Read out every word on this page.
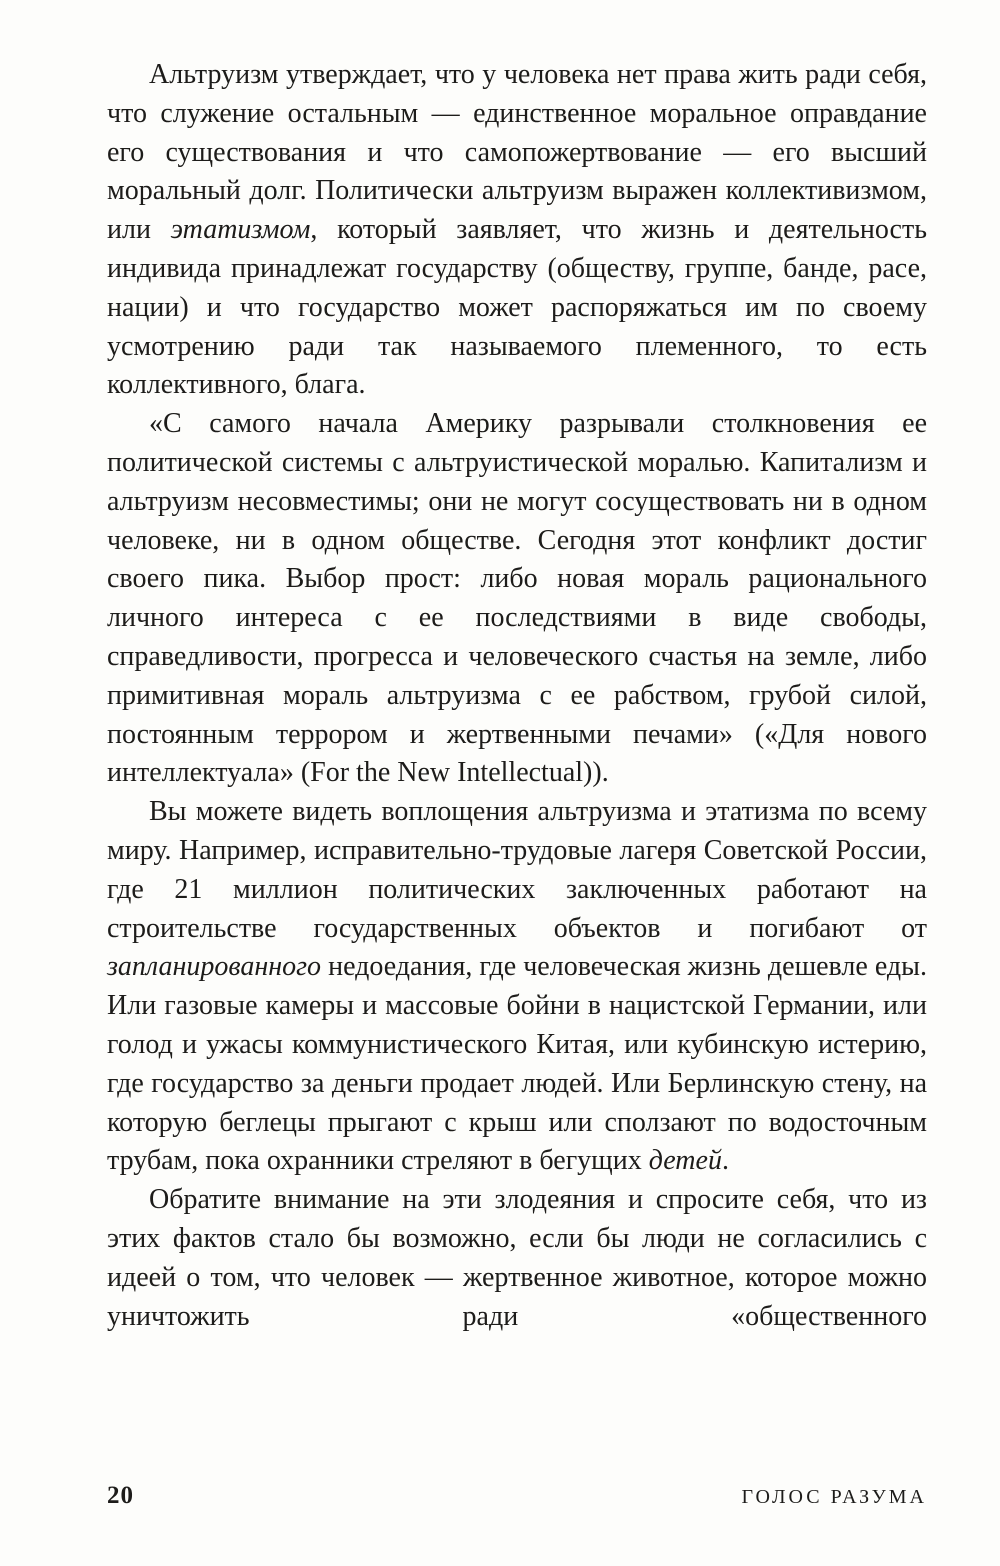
Альтруизм утверждает, что у человека нет права жить ради себя, что служение остальным — единственное моральное оправдание его существования и что самопожертвование — его высший моральный долг. Политически альтруизм выражен коллективизмом, или этатизмом, который заявляет, что жизнь и деятельность индивида принадлежат государству (обществу, группе, банде, расе, нации) и что государство может распоряжаться им по своему усмотрению ради так называемого племенного, то есть коллективного, блага.

«С самого начала Америку разрывали столкновения ее политической системы с альтруистической моралью. Капитализм и альтруизм несовместимы; они не могут сосуществовать ни в одном человеке, ни в одном обществе. Сегодня этот конфликт достиг своего пика. Выбор прост: либо новая мораль рационального личного интереса с ее последствиями в виде свободы, справедливости, прогресса и человеческого счастья на земле, либо примитивная мораль альтруизма с ее рабством, грубой силой, постоянным террором и жертвенными печами» («Для нового интеллектуала» (For the New Intellectual)).

Вы можете видеть воплощения альтруизма и этатизма по всему миру. Например, исправительно-трудовые лагеря Советской России, где 21 миллион политических заключенных работают на строительстве государственных объектов и погибают от запланированного недоедания, где человеческая жизнь дешевле еды. Или газовые камеры и массовые бойни в нацистской Германии, или голод и ужасы коммунистического Китая, или кубинскую истерию, где государство за деньги продает людей. Или Берлинскую стену, на которую беглецы прыгают с крыш или сползают по водосточным трубам, пока охранники стреляют в бегущих детей.

Обратите внимание на эти злодеяния и спросите себя, что из этих фактов стало бы возможно, если бы люди не согласились с идеей о том, что человек — жертвенное животное, которое можно уничтожить ради «общественного

20	ГОЛОС РАЗУМА
